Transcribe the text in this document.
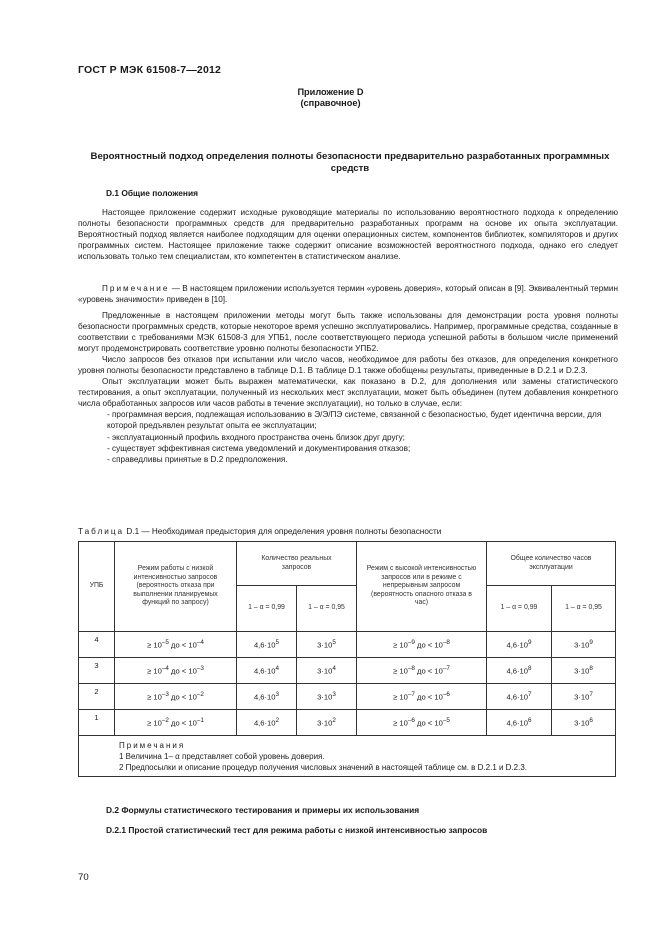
ГОСТ Р МЭК 61508-7—2012
Приложение D
(справочное)
Вероятностный подход определения полноты безопасности предварительно разработанных программных средств
D.1 Общие положения

Настоящее приложение содержит исходные руководящие материалы по использованию вероятностного подхода к определению полноты безопасности программных средств для предварительно разработанных программ на основе их опыта эксплуатации. Вероятностный подход является наиболее подходящим для оценки операционных систем, компонентов библиотек, компиляторов и других программных систем. Настоящее приложение также содержит описание возможностей вероятностного подхода, однако его следует использовать только тем специалистам, кто компетентен в статистическом анализе.

Примечание — В настоящем приложении используется термин «уровень доверия», который описан в [9]. Эквивалентный термин «уровень значимости» приведен в [10].

Предложенные в настоящем приложении методы могут быть также использованы для демонстрации роста уровня полноты безопасности программных средств, которые некоторое время успешно эксплуатировались. Например, программные средства, созданные в соответствии с требованиями МЭК 61508-3 для УПБ1, после соответствующего периода успешной работы в большом числе применений могут продемонстрировать соответствие уровню полноты безопасности УПБ2.

Число запросов без отказов при испытании или число часов, необходимое для работы без отказов, для определения конкретного уровня полноты безопасности представлено в таблице D.1. В таблице D.1 также обобщены результаты, приведенные в D.2.1 и D.2.3.

Опыт эксплуатации может быть выражен математически, как показано в D.2, для дополнения или замены статистического тестирования, а опыт эксплуатации, полученный из нескольких мест эксплуатации, может быть объединен (путем добавления конкретного числа обработанных запросов или часов работы в течение эксплуатации), но только в случае, если:

- программная версия, подлежащая использованию в Э/Э/ПЭ системе, связанной с безопасностью, будет идентична версии, для которой предъявлен результат опыта ее эксплуатации;

- эксплуатационный профиль входного пространства очень близок друг другу;

- существует эффективная система уведомлений и документирования отказов;

- справедливы принятые в D.2 предположения.

Таблица D.1 — Необходимая предыстория для определения уровня полноты безопасности
УПБ	Режим работы с низкой интенсивностью запросов (вероятность отказа при выполнении планируемых функций по запросу)	Количество реальных запросов		Режим с высокой интенсивностью запросов или в режиме с непрерывным запросом (вероятность опасного отказа в час)	Общее количество часов эксплуатации	
		1 – α = 0,99	1 – α = 0,95		1 – α = 0,99	1 – α = 0,95
4	≥ $10^{-5}$ до < $10^{-4}$	$4,6\cdot 10^5$	$3\cdot 10^5$	≥ $10^{-9}$ до < $10^{-8}$	$4,6\cdot 10^9$	$3\cdot 10^9$
3	≥ $10^{-4}$ до < $10^{-3}$	$4,6\cdot 10^4$	$3\cdot 10^4$	≥ $10^{-8}$ до < $10^{-7}$	$4,6\cdot 10^8$	$3\cdot 10^8$
2	≥ $10^{-3}$ до < $10^{-2}$	$4,6\cdot 10^3$	$3\cdot 10^3$	≥ $10^{-7}$ до < $10^{-6}$	$4,6\cdot 10^7$	$3\cdot 10^7$
1	≥ $10^{-2}$ до < $10^{-1}$	$4,6\cdot 10^2$	$3\cdot 10^2$	≥ $10^{-6}$ до < $10^{-5}$	$4,6\cdot 10^6$	$3\cdot 10^6$

Примечания
1 Величина 1– α представляет собой уровень доверия.
2 Предпосылки и описание процедур получения числовых значений в настоящей таблице см. в D.2.1 и D.2.3.						
D.2 Формулы статистического тестирования и примеры их использования
D.2.1 Простой статистический тест для режима работы с низкой интенсивностью запросов
70
